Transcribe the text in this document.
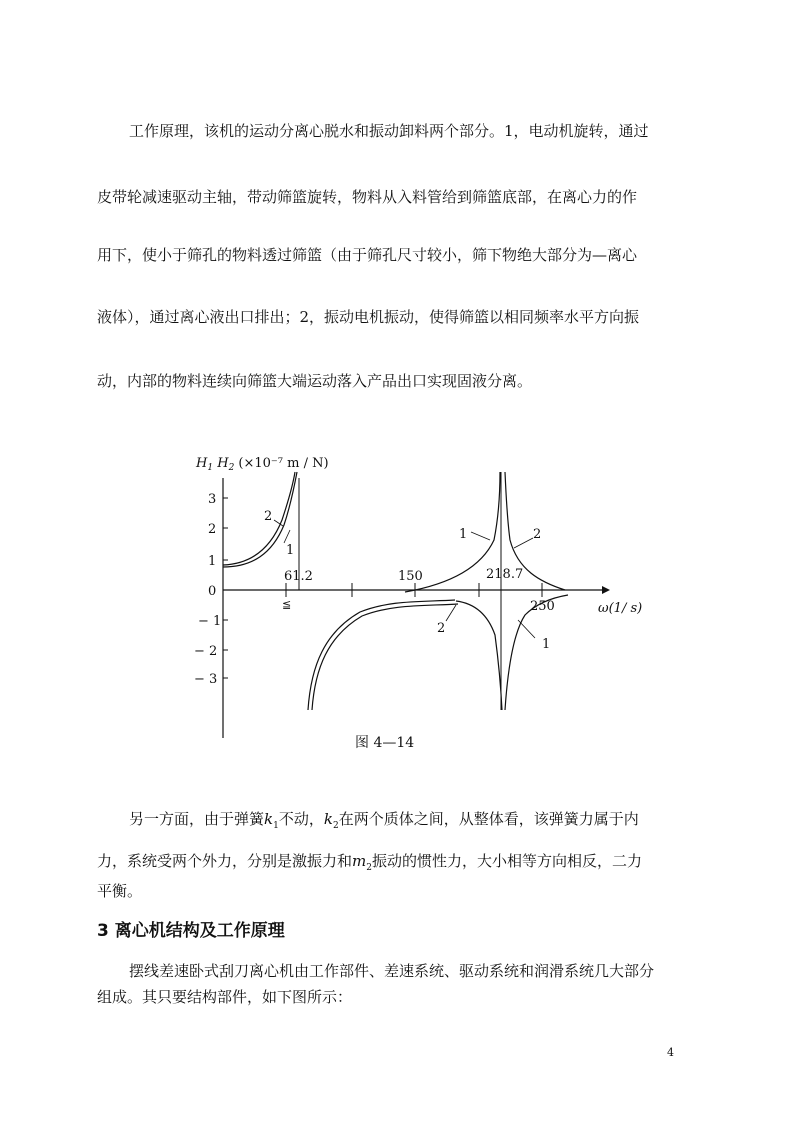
工作原理，该机的运动分离心脱水和振动卸料两个部分。1，电动机旋转，通过

皮带轮减速驱动主轴，带动筛篮旋转，物料从入料管给到筛篮底部，在离心力的作

用下，使小于筛孔的物料透过筛篮（由于筛孔尺寸较小，筛下物绝大部分为—离心

液体），通过离心液出口排出；2，振动电机振动，使得筛篮以相同频率水平方向振

动，内部的物料连续向筛篮大端运动落入产品出口实现固液分离。

$H_1$ $H_2$ (×10⁻⁷ m / N)
3
2
1
0
− 1
− 2
− 3
61.2	150	218.7
250	ω(1/ s)
≦
2
1
1	2
2
1
图 4—14

另一方面，由于弹簧$k_1$不动，$k_2$在两个质体之间，从整体看，该弹簧力属于内

力，系统受两个外力，分别是激振力和$m_2$振动的惯性力，大小相等方向相反，二力

平衡。

3 离心机结构及工作原理

摆线差速卧式刮刀离心机由工作部件、差速系统、驱动系统和润滑系统几大部分

组成。其只要结构部件，如下图所示：

4
